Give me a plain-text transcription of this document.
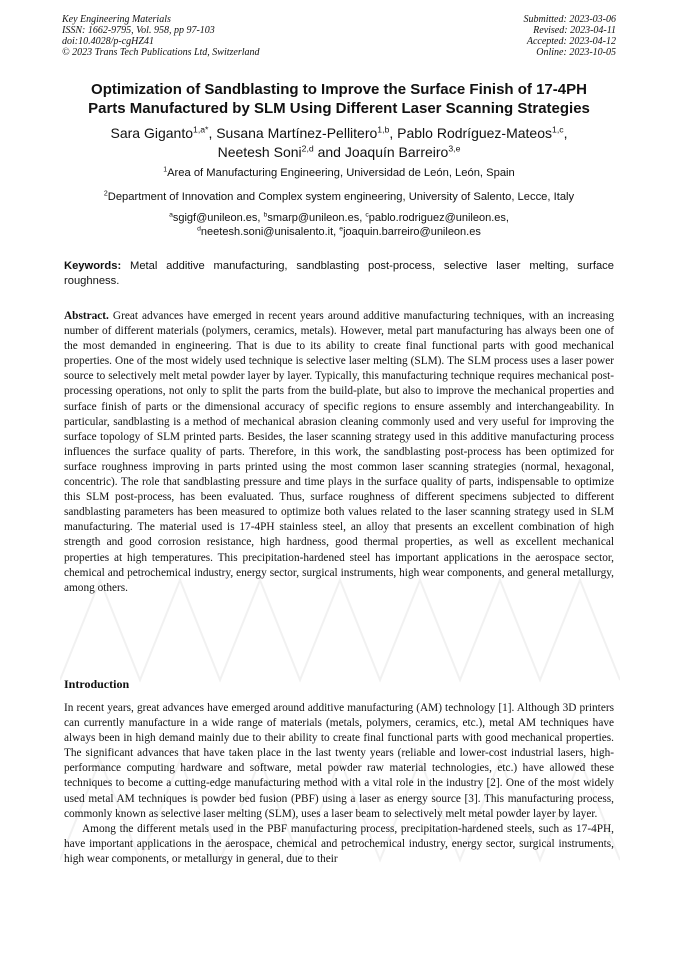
Key Engineering Materials
ISSN: 1662-9795, Vol. 958, pp 97-103
doi:10.4028/p-cgHZ41
© 2023 Trans Tech Publications Ltd, Switzerland
Submitted: 2023-03-06
Revised: 2023-04-11
Accepted: 2023-04-12
Online: 2023-10-05
Optimization of Sandblasting to Improve the Surface Finish of 17-4PH
Parts Manufactured by SLM Using Different Laser Scanning Strategies
Sara Giganto$^{1,a*}$, Susana Martínez-Pellitero$^{1,b}$, Pablo Rodríguez-Mateos$^{1,c}$,
Neetesh Soni$^{2,d}$ and Joaquín Barreiro$^{3,e}$
$^1$Area of Manufacturing Engineering, Universidad de León, León, Spain
$^2$Department of Innovation and Complex system engineering, University of Salento, Lecce, Italy
$^a$sgigf@unileon.es, $^b$smarp@unileon.es, $^c$pablo.rodriguez@unileon.es,
$^d$neetesh.soni@unisalento.it, $^e$joaquin.barreiro@unileon.es
Keywords: Metal additive manufacturing, sandblasting post-process, selective laser melting, surface roughness.
Abstract. Great advances have emerged in recent years around additive manufacturing techniques, with an increasing number of different materials (polymers, ceramics, metals). However, metal part manufacturing has always been one of the most demanded in engineering. That is due to its ability to create final functional parts with good mechanical properties. One of the most widely used technique is selective laser melting (SLM). The SLM process uses a laser power source to selectively melt metal powder layer by layer. Typically, this manufacturing technique requires mechanical post-processing operations, not only to split the parts from the build-plate, but also to improve the mechanical properties and surface finish of parts or the dimensional accuracy of specific regions to ensure assembly and interchangeability. In particular, sandblasting is a method of mechanical abrasion cleaning commonly used and very useful for improving the surface topology of SLM printed parts. Besides, the laser scanning strategy used in this additive manufacturing process influences the surface quality of parts. Therefore, in this work, the sandblasting post-process has been optimized for surface roughness improving in parts printed using the most common laser scanning strategies (normal, hexagonal, concentric). The role that sandblasting pressure and time plays in the surface quality of parts, indispensable to optimize this SLM post-process, has been evaluated. Thus, surface roughness of different specimens subjected to different sandblasting parameters has been measured to optimize both values related to the laser scanning strategy used in SLM manufacturing. The material used is 17-4PH stainless steel, an alloy that presents an excellent combination of high strength and good corrosion resistance, high hardness, good thermal properties, as well as excellent mechanical properties at high temperatures. This precipitation-hardened steel has important applications in the aerospace sector, chemical and petrochemical industry, energy sector, surgical instruments, high wear components, and general metallurgy, among others.
Introduction

In recent years, great advances have emerged around additive manufacturing (AM) technology [1]. Although 3D printers can currently manufacture in a wide range of materials (metals, polymers, ceramics, etc.), metal AM techniques have always been in high demand mainly due to their ability to create final functional parts with good mechanical properties. The significant advances that have taken place in the last twenty years (reliable and lower-cost industrial lasers, high-performance computing hardware and software, metal powder raw material technologies, etc.) have allowed these techniques to become a cutting-edge manufacturing method with a vital role in the industry [2]. One of the most widely used metal AM techniques is powder bed fusion (PBF) using a laser as energy source [3]. This manufacturing process, commonly known as selective laser melting (SLM), uses a laser beam to selectively melt metal powder layer by layer.

Among the different metals used in the PBF manufacturing process, precipitation-hardened steels, such as 17-4PH, have important applications in the aerospace, chemical and petrochemical industry, energy sector, surgical instruments, high wear components, or metallurgy in general, due to their
